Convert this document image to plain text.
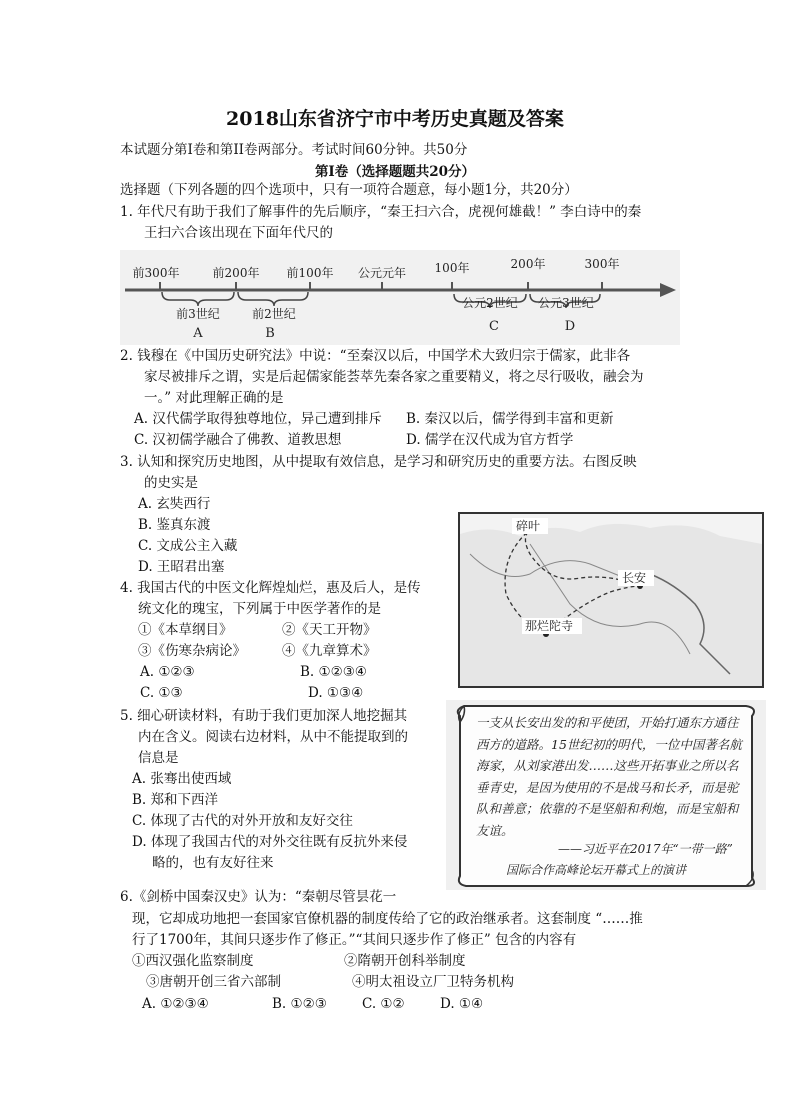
2018山东省济宁市中考历史真题及答案
本试题分第Ⅰ卷和第II卷两部分。考试时间60分钟。共50分
第Ⅰ卷（选择题题共20分）
选择题（下列各题的四个选项中，只有一项符合题意，每小题1分，共20分）
1. 年代尺有助于我们了解事件的先后顺序，“秦王扫六合，虎视何雄截！” 李白诗中的秦
王扫六合该出现在下面年代尺的
前300年	前200年 前100年 公元元年 100年	200年	300年
前3世纪	前2世纪
公元2世纪 公元3世纪
A	B	C	D
2. 钱穆在《中国历史研究法》中说：“至秦汉以后，中国学术大致归宗于儒家，此非各
家尽被排斥之谓，实是后起儒家能荟萃先秦各家之重要精义，将之尽行吸收，融会为
一。” 对此理解正确的是
A. 汉代儒学取得独尊地位，异己遭到排斥 B. 秦汉以后，儒学得到丰富和更新
C. 汉初儒学融合了佛教、道教思想	D. 儒学在汉代成为官方哲学
3. 认知和探究历史地图，从中提取有效信息，是学习和研究历史的重要方法。右图反映
的史实是
A. 玄奘西行
B. 鉴真东渡
C. 文成公主入藏
D. 王昭君出塞
碎叶
长安
那烂陀寺
4. 我国古代的中医文化辉煌灿烂，惠及后人，是传
统文化的瑰宝，下列属于中医学著作的是
①《本草纲目》	②《天工开物》
③《伤寒杂病论》	④《九章算术》
A. ①②③	B. ①②③④
C. ①③	D. ①③④
5. 细心研读材料，有助于我们更加深人地挖掘其
内在含义。阅读右边材料，从中不能提取到的
信息是
A. 张骞出使西域
B. 郑和下西洋
C. 体现了古代的对外开放和友好交往
D. 体现了我国古代的对外交往既有反抗外来侵
略的，也有友好往来
一支从长安出发的和平使团，开始打通东方通往西方的道路。15世纪初的明代，一位中国著名航海家，从刘家港出发……这些开拓事业之所以名垂青史，是因为使用的不是战马和长矛，而是驼队和善意；依靠的不是坚船和利炮，而是宝船和友谊。
——习近平在2017年“一带一路”
国际合作高峰论坛开幕式上的演讲
6.《剑桥中国秦汉史》认为：“秦朝尽管昙花一
现，它却成功地把一套国家官僚机器的制度传给了它的政治继承者。这套制度 “……推
行了1700年，其间只逐步作了修正。”“其间只逐步作了修正” 包含的内容有
①西汉强化监察制度	②隋朝开创科举制度
③唐朝开创三省六部制	④明太祖设立厂卫特务机构
A. ①②③④	B. ①②③	C. ①②	D. ①④
